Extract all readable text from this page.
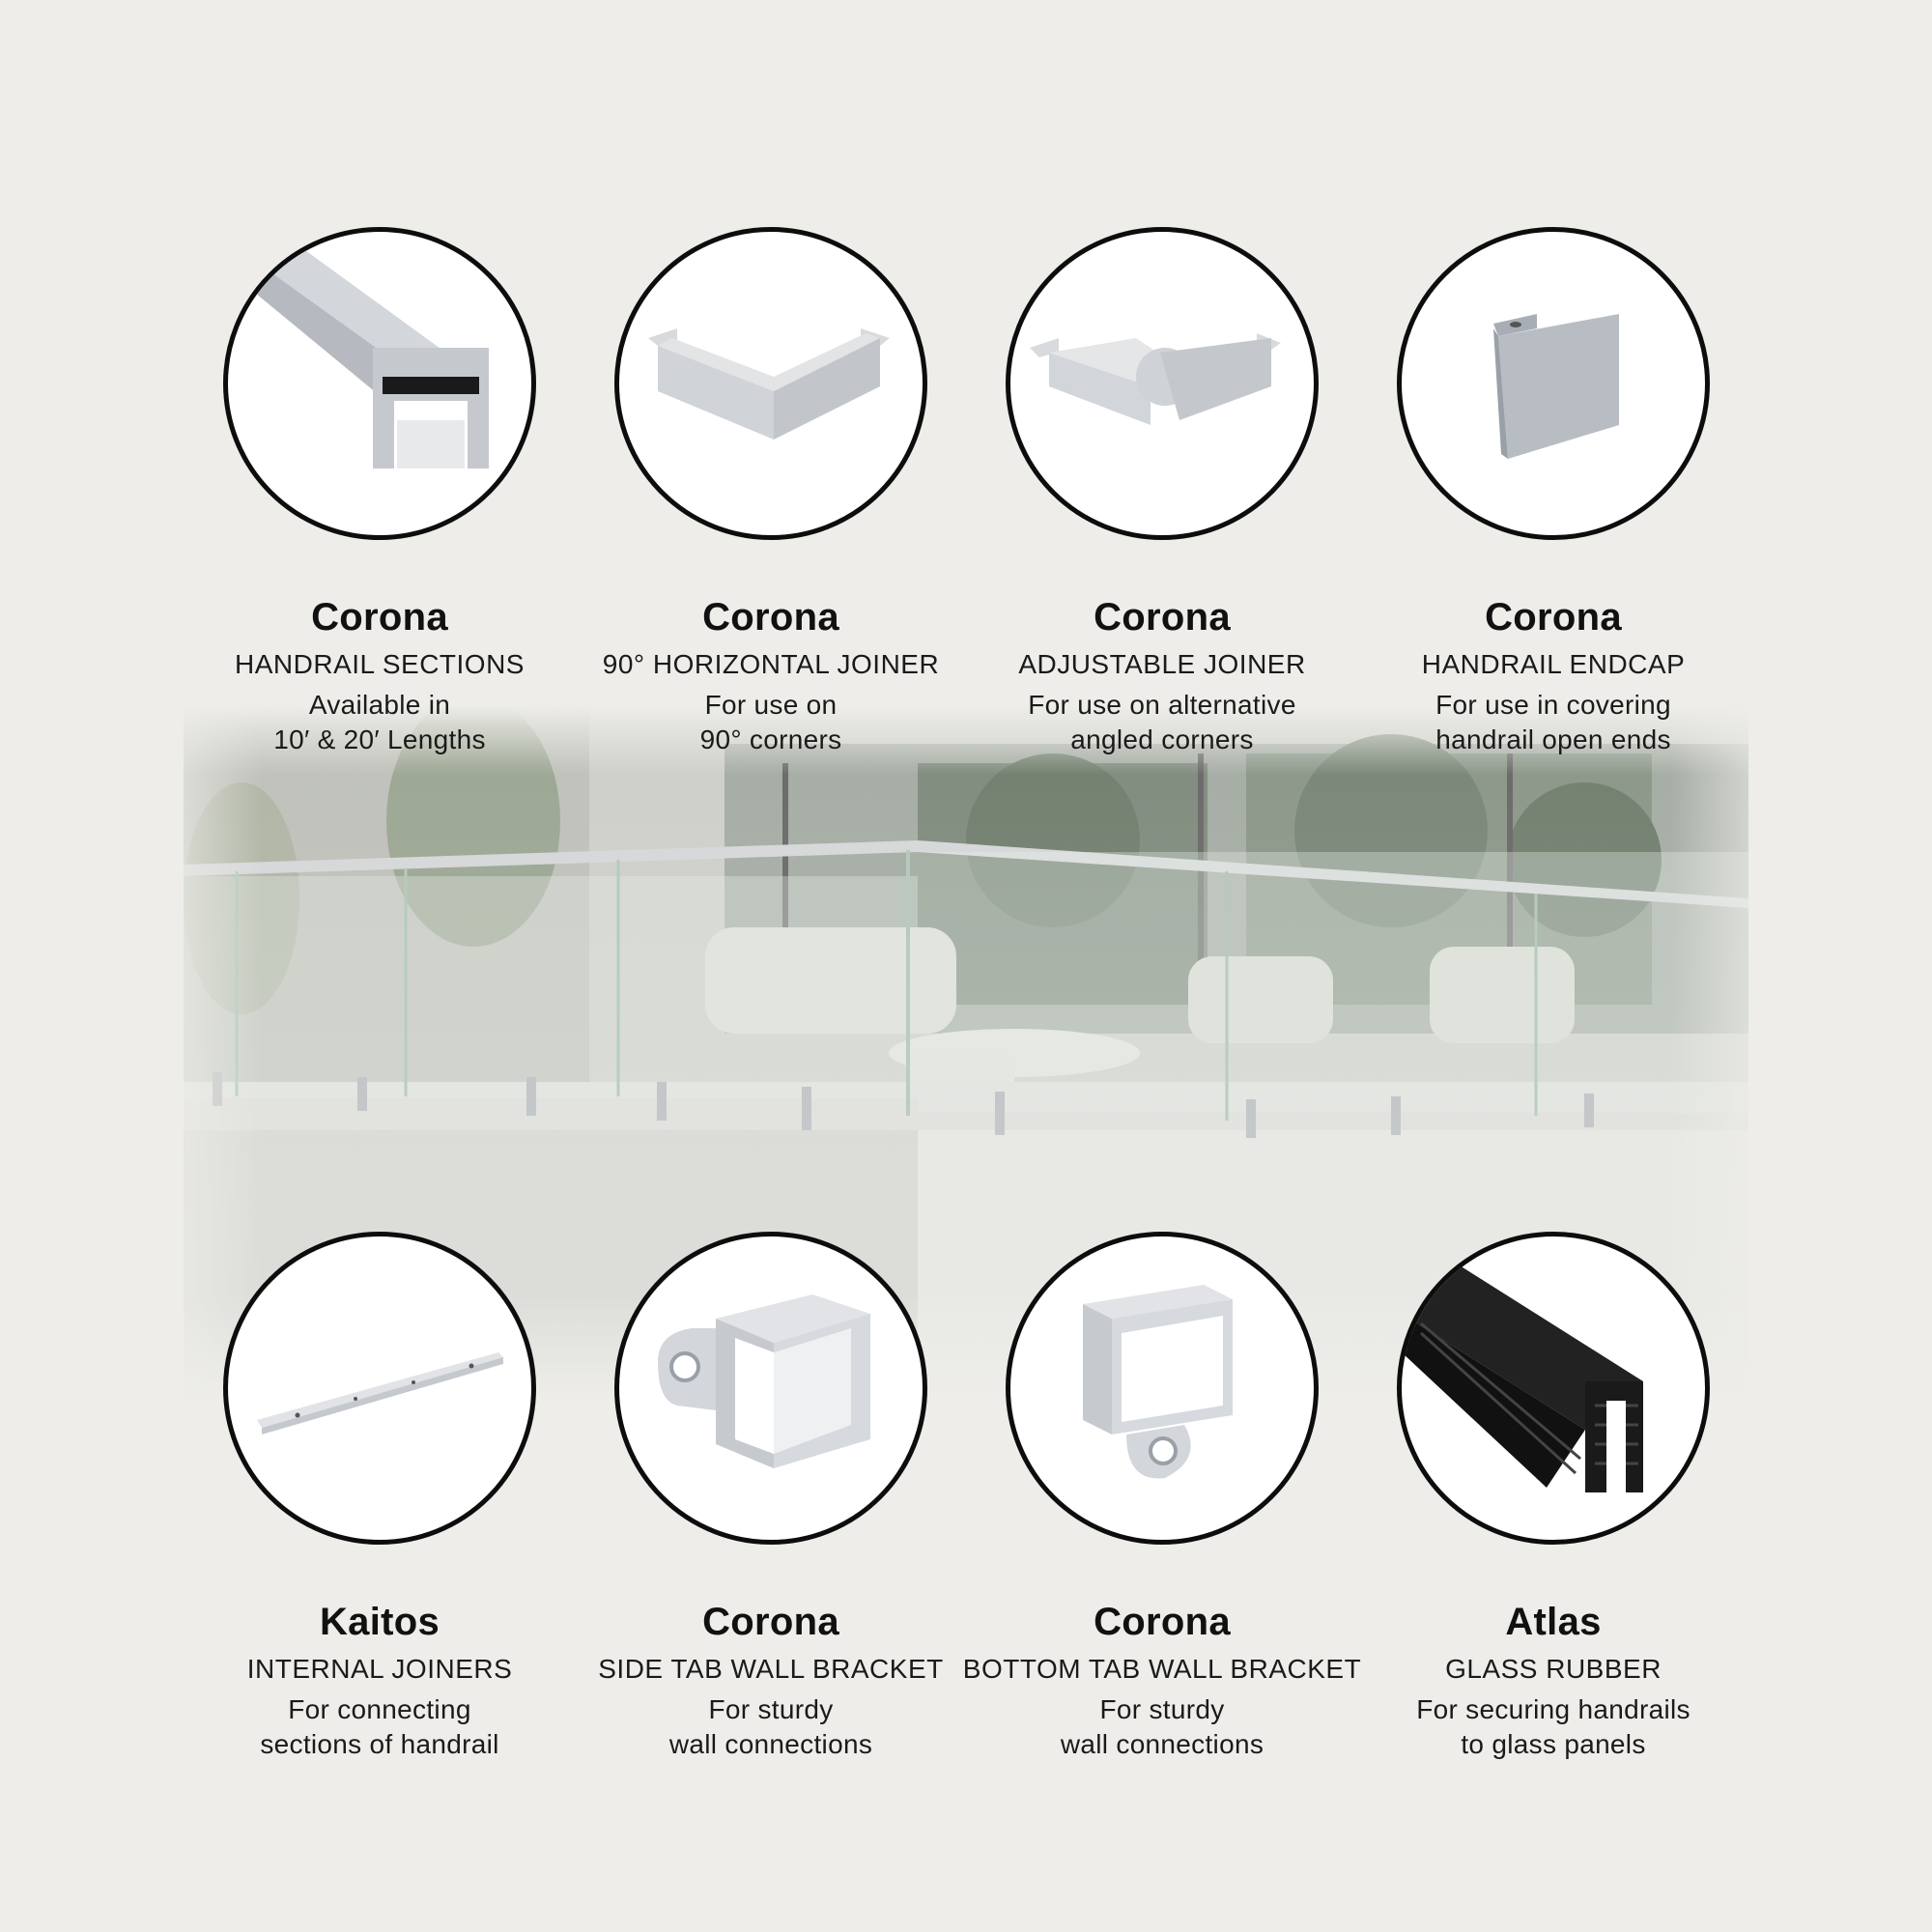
Corona
HANDRAIL SECTIONS
Available in
10′ & 20′ Lengths
Corona
90° HORIZONTAL JOINER
For use on
90° corners
Corona
ADJUSTABLE JOINER
For use on alternative
angled corners
Corona
HANDRAIL ENDCAP
For use in covering
handrail open ends
Kaitos
INTERNAL JOINERS
For connecting
sections of handrail
Corona
SIDE TAB WALL BRACKET
For sturdy
wall connections
Corona
BOTTOM TAB WALL BRACKET
For sturdy
wall connections
Atlas
GLASS RUBBER
For securing handrails
to glass panels
